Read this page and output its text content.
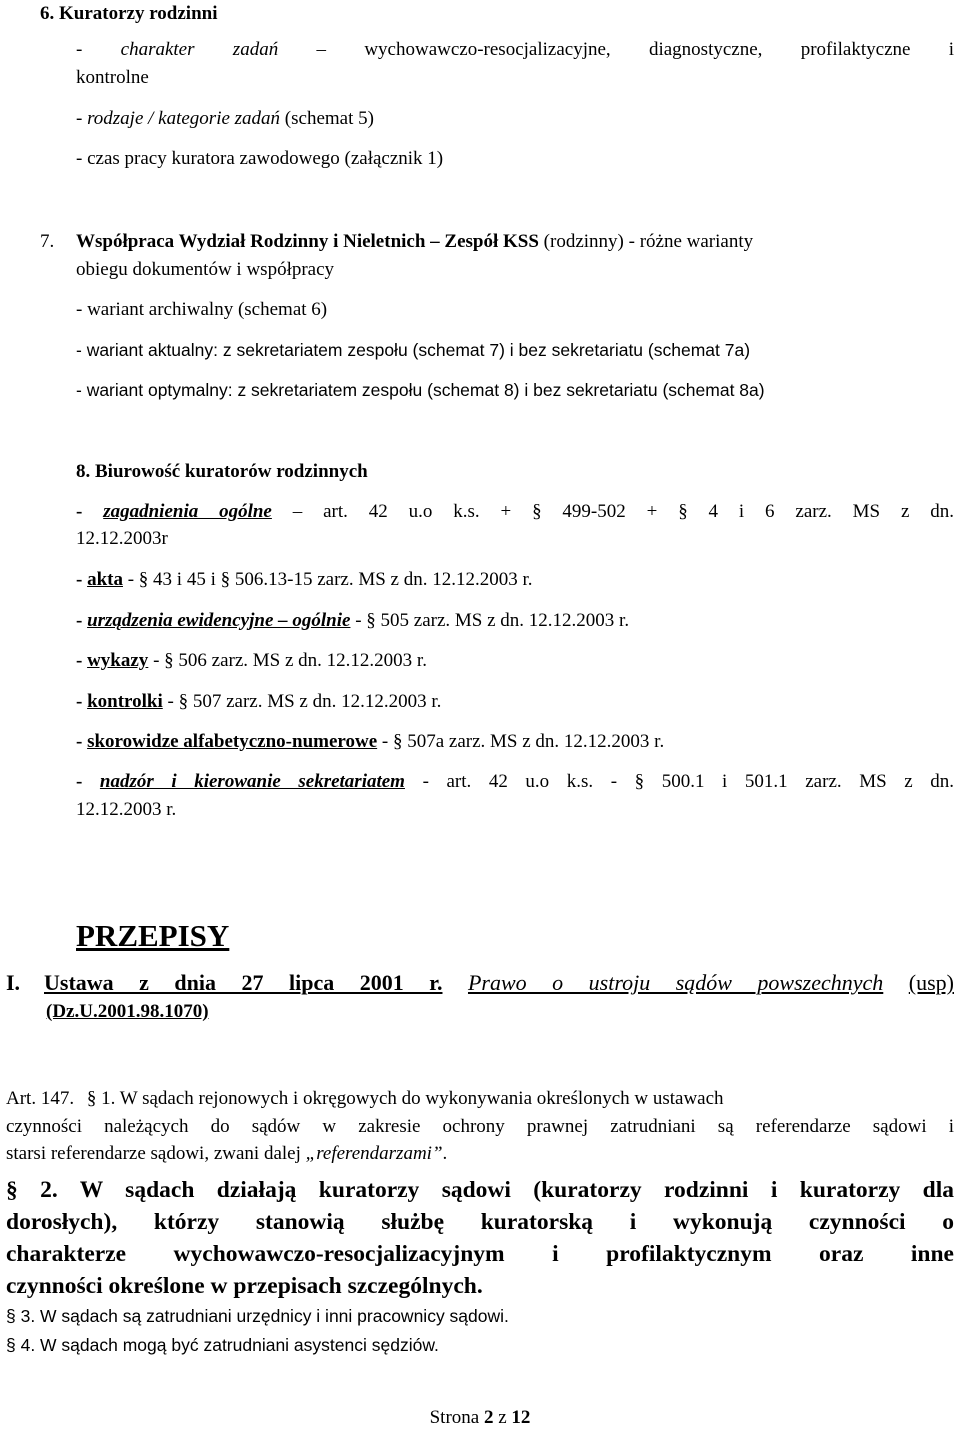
6. Kuratorzy rodzinni
- charakter zadań – wychowawczo-resocjalizacyjne, diagnostyczne, profilaktyczne i
kontrolne
- rodzaje / kategorie zadań (schemat 5)
- czas pracy kuratora zawodowego (załącznik 1)
7. Współpraca Wydział Rodzinny i Nieletnich – Zespół KSS (rodzinny) - różne warianty
obiegu dokumentów i współpracy
- wariant archiwalny (schemat 6)
- wariant aktualny: z sekretariatem zespołu (schemat 7) i bez sekretariatu (schemat 7a)
- wariant optymalny: z sekretariatem zespołu (schemat 8) i bez sekretariatu (schemat 8a)
8. Biurowość kuratorów rodzinnych
- zagadnienia ogólne – art. 42 u.o k.s. + § 499-502 + § 4 i 6 zarz. MS z dn.
12.12.2003r
- akta - § 43 i 45 i § 506.13-15 zarz. MS z dn. 12.12.2003 r.
- urządzenia ewidencyjne – ogólnie - § 505 zarz. MS z dn. 12.12.2003 r.
- wykazy - § 506 zarz. MS z dn. 12.12.2003 r.
- kontrolki - § 507 zarz. MS z dn. 12.12.2003 r.
- skorowidze alfabetyczno-numerowe - § 507a zarz. MS z dn. 12.12.2003 r.
- nadzór i kierowanie sekretariatem - art. 42 u.o k.s. - § 500.1 i 501.1 zarz. MS z dn.
12.12.2003 r.
PRZEPISY
I. Ustawa z dnia 27 lipca 2001 r. Prawo o ustroju sądów powszechnych (usp)
(Dz.U.2001.98.1070)
Art. 147. § 1. W sądach rejonowych i okręgowych do wykonywania określonych w ustawach
czynności należących do sądów w zakresie ochrony prawnej zatrudniani są referendarze sądowi i
starsi referendarze sądowi, zwani dalej „referendarzami”.
§ 2. W sądach działają kuratorzy sądowi (kuratorzy rodzinni i kuratorzy dla
dorosłych), którzy stanowią służbę kuratorską i wykonują czynności o
charakterze wychowawczo-resocjalizacyjnym i profilaktycznym oraz inne
czynności określone w przepisach szczególnych.
§ 3. W sądach są zatrudniani urzędnicy i inni pracownicy sądowi.
§ 4. W sądach mogą być zatrudniani asystenci sędziów.
Strona 2 z 12
